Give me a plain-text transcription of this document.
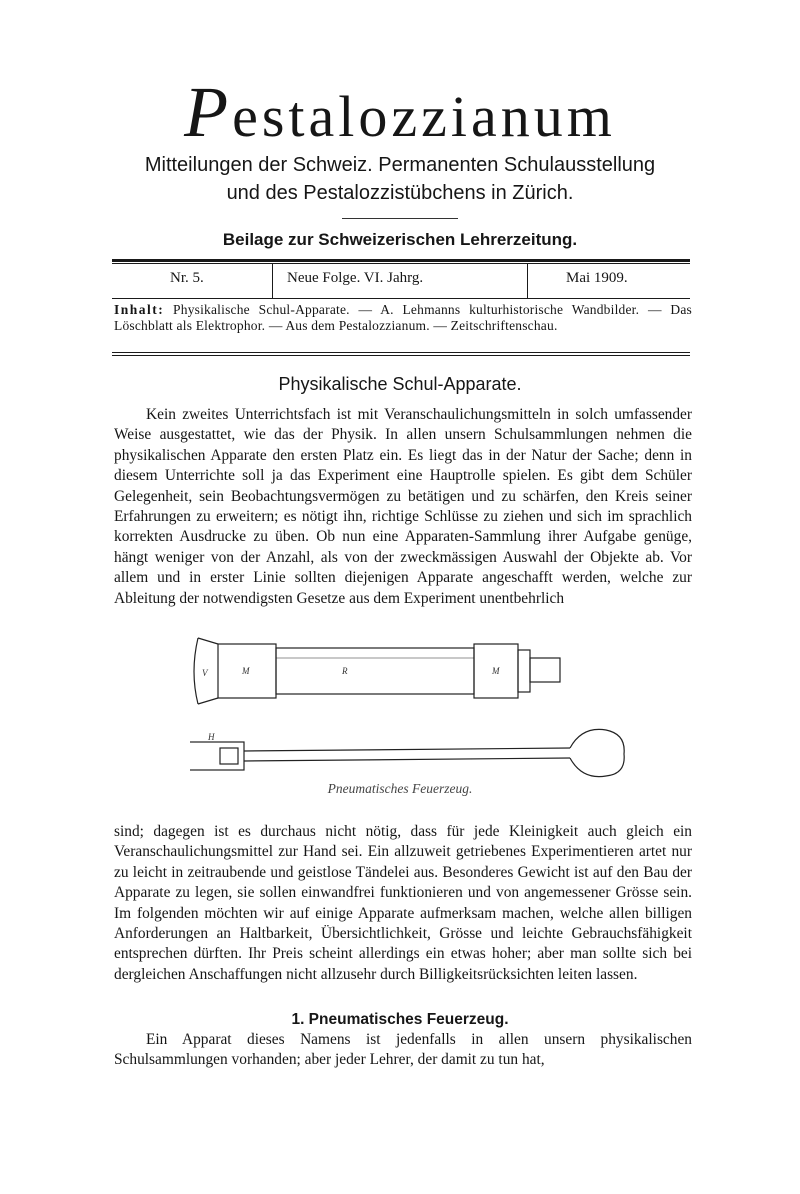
Pestalozzianum
Mitteilungen der Schweiz. Permanenten Schulausstellung
und des Pestalozzistübchens in Zürich.
Beilage zur Schweizerischen Lehrerzeitung.
Nr. 5.	Neue Folge. VI. Jahrg.	Mai 1909.
Inhalt: Physikalische Schul-Apparate. — A. Lehmanns kulturhistorische Wandbilder. — Das Löschblatt als Elektrophor. — Aus dem Pestalozzianum. — Zeitschriftenschau.
Physikalische Schul-Apparate.

Kein zweites Unterrichtsfach ist mit Veranschaulichungsmitteln in solch umfassender Weise ausgestattet, wie das der Physik. In allen unsern Schulsammlungen nehmen die physikalischen Apparate den ersten Platz ein. Es liegt das in der Natur der Sache; denn in diesem Unterrichte soll ja das Experiment eine Hauptrolle spielen. Es gibt dem Schüler Gelegenheit, sein Beobachtungsvermögen zu betätigen und zu schärfen, den Kreis seiner Erfahrungen zu erweitern; es nötigt ihn, richtige Schlüsse zu ziehen und sich im sprachlich korrekten Ausdrucke zu üben. Ob nun eine Apparaten-Sammlung ihrer Aufgabe genüge, hängt weniger von der Anzahl, als von der zweckmässigen Auswahl der Objekte ab. Vor allem und in erster Linie sollten diejenigen Apparate angeschafft werden, welche zur Ableitung der notwendigsten Gesetze aus dem Experiment unentbehrlich

V	M	R	M
H
Pneumatisches Feuerzeug.

sind; dagegen ist es durchaus nicht nötig, dass für jede Kleinigkeit auch gleich ein Veranschaulichungsmittel zur Hand sei. Ein allzuweit getriebenes Experimentieren artet nur zu leicht in zeitraubende und geistlose Tändelei aus. Besonderes Gewicht ist auf den Bau der Apparate zu legen, sie sollen einwandfrei funktionieren und von angemessener Grösse sein. Im folgenden möchten wir auf einige Apparate aufmerksam machen, welche allen billigen Anforderungen an Haltbarkeit, Übersichtlichkeit, Grösse und leichte Gebrauchsfähigkeit entsprechen dürften. Ihr Preis scheint allerdings ein etwas hoher; aber man sollte sich bei dergleichen Anschaffungen nicht allzusehr durch Billigkeitsrücksichten leiten lassen.

1. Pneumatisches Feuerzeug.

Ein Apparat dieses Namens ist jedenfalls in allen unsern physikalischen Schulsammlungen vorhanden; aber jeder Lehrer, der damit zu tun hat,
